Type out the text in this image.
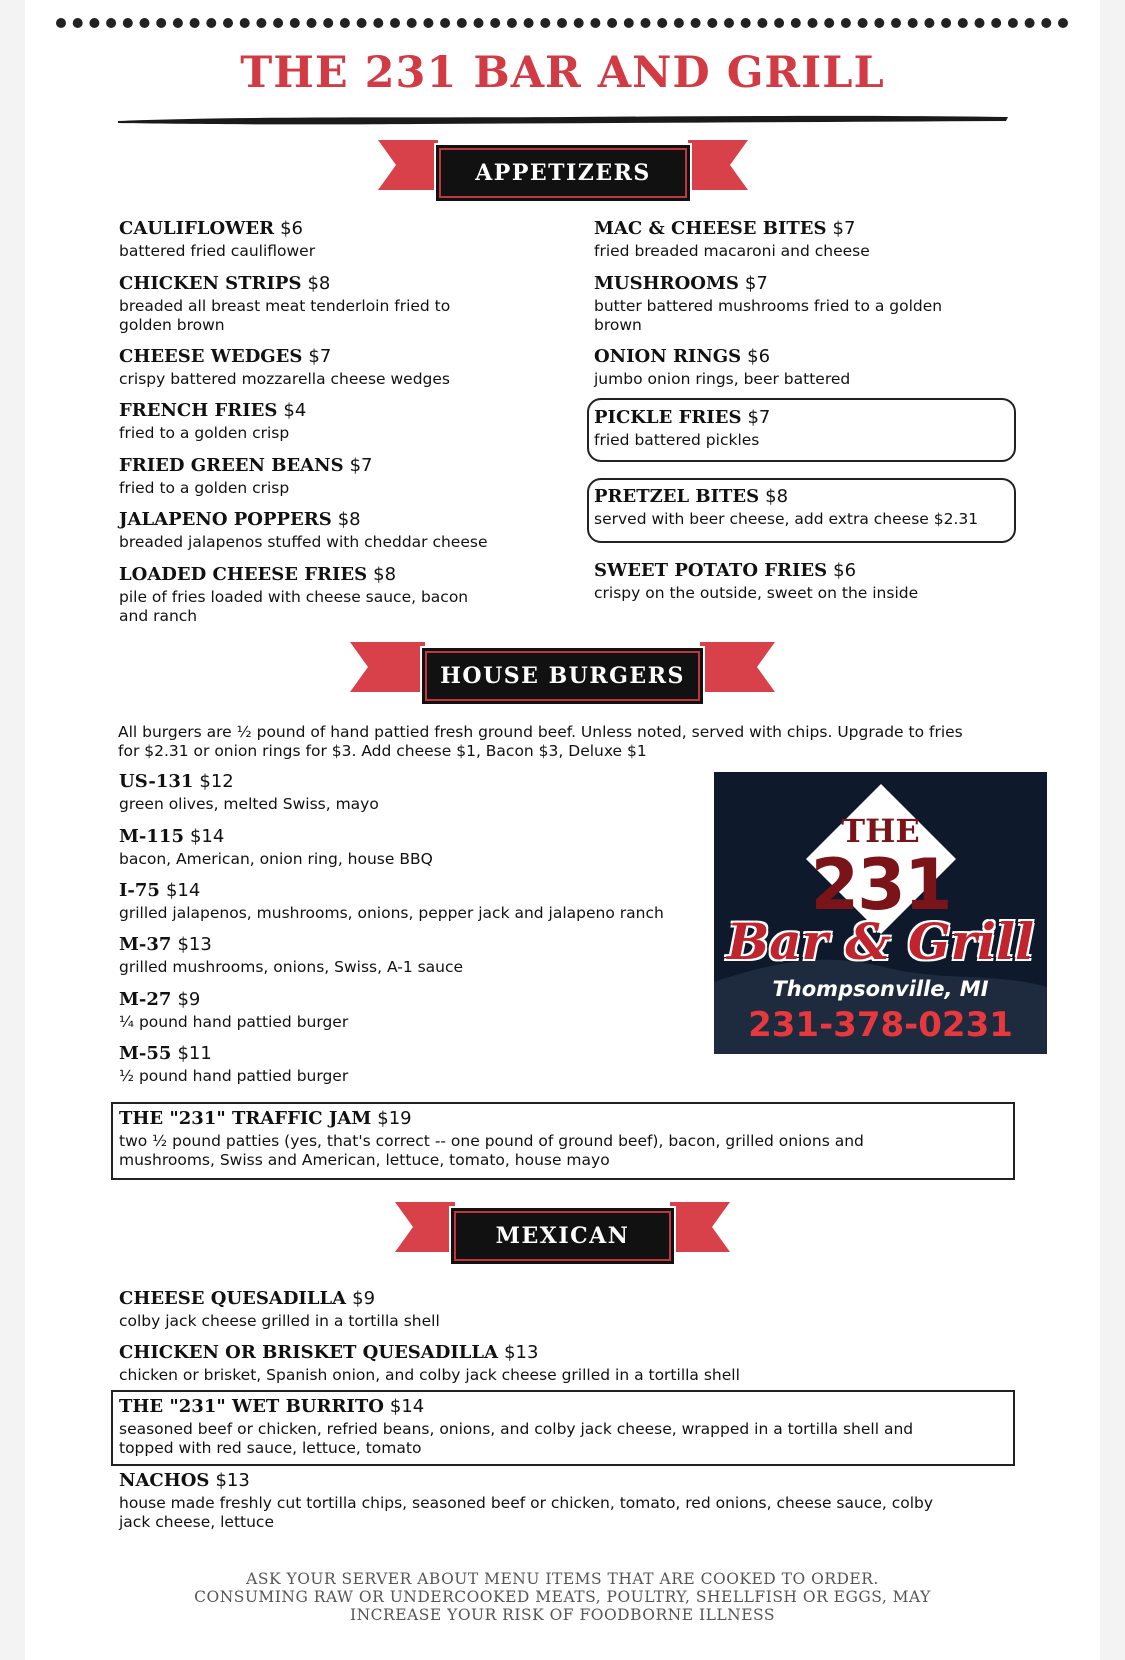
THE 231 BAR AND GRILL
APPETIZERS
CAULIFLOWER $6
battered fried cauliflower
CHICKEN STRIPS $8
breaded all breast meat tenderloin fried to golden brown
CHEESE WEDGES $7
crispy battered mozzarella cheese wedges
FRENCH FRIES $4
fried to a golden crisp
FRIED GREEN BEANS $7
fried to a golden crisp
JALAPENO POPPERS $8
breaded jalapenos stuffed with cheddar cheese
LOADED CHEESE FRIES $8
pile of fries loaded with cheese sauce, bacon and ranch
MAC & CHEESE BITES $7
fried breaded macaroni and cheese
MUSHROOMS $7
butter battered mushrooms fried to a golden brown
ONION RINGS $6
jumbo onion rings, beer battered
PICKLE FRIES $7
fried battered pickles
PRETZEL BITES $8
served with beer cheese, add extra cheese $2.31
SWEET POTATO FRIES $6
crispy on the outside, sweet on the inside
HOUSE BURGERS
All burgers are ½ pound of hand pattied fresh ground beef. Unless noted, served with chips. Upgrade to fries for $2.31 or onion rings for $3. Add cheese $1, Bacon $3, Deluxe $1
US-131 $12
green olives, melted Swiss, mayo
M-115 $14
bacon, American, onion ring, house BBQ
I-75 $14
grilled jalapenos, mushrooms, onions, pepper jack and jalapeno ranch
M-37 $13
grilled mushrooms, onions, Swiss, A-1 sauce
M-27 $9
¼ pound hand pattied burger
M-55 $11
½ pound hand pattied burger
THE
231
Bar & Grill
Thompsonville, MI
231-378-0231
THE "231" TRAFFIC JAM $19
two ½ pound patties (yes, that's correct -- one pound of ground beef), bacon, grilled onions and mushrooms, Swiss and American, lettuce, tomato, house mayo
MEXICAN
CHEESE QUESADILLA $9
colby jack cheese grilled in a tortilla shell
CHICKEN OR BRISKET QUESADILLA $13
chicken or brisket, Spanish onion, and colby jack cheese grilled in a tortilla shell
THE "231" WET BURRITO $14
seasoned beef or chicken, refried beans, onions, and colby jack cheese, wrapped in a tortilla shell and topped with red sauce, lettuce, tomato
NACHOS $13
house made freshly cut tortilla chips, seasoned beef or chicken, tomato, red onions, cheese sauce, colby jack cheese, lettuce
ASK YOUR SERVER ABOUT MENU ITEMS THAT ARE COOKED TO ORDER.
CONSUMING RAW OR UNDERCOOKED MEATS, POULTRY, SHELLFISH OR EGGS, MAY
INCREASE YOUR RISK OF FOODBORNE ILLNESS
